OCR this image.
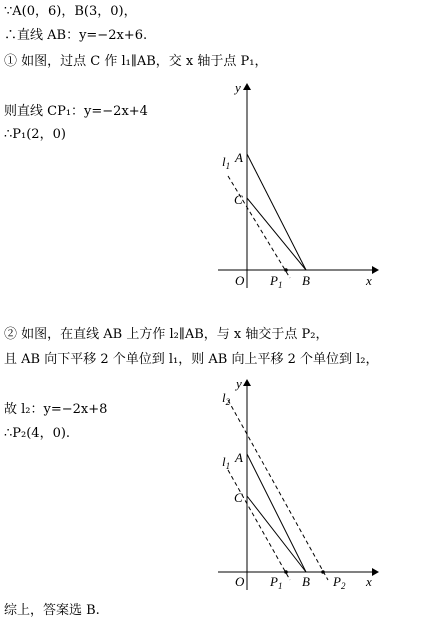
∵A(0，6)，B(3，0)，
∴直线 AB：y=−2x+6.
① 如图，过点 C 作 l₁∥AB，交 x 轴于点 P₁，
则直线 CP₁：y=−2x+4
∴P₁(2，0)
y
x
O
A
C
B
$P_1$
$l_1$
② 如图，在直线 AB 上方作 l₂∥AB，与 x 轴交于点 P₂，
且 AB 向下平移 2 个单位到 l₁，则 AB 向上平移 2 个单位到 l₂，
故 l₂：y=−2x+8
∴P₂(4，0).
y
x
O
A
C
B
$P_1$	$P_2$
$l_1$
$l_2$
综上，答案选 B.
